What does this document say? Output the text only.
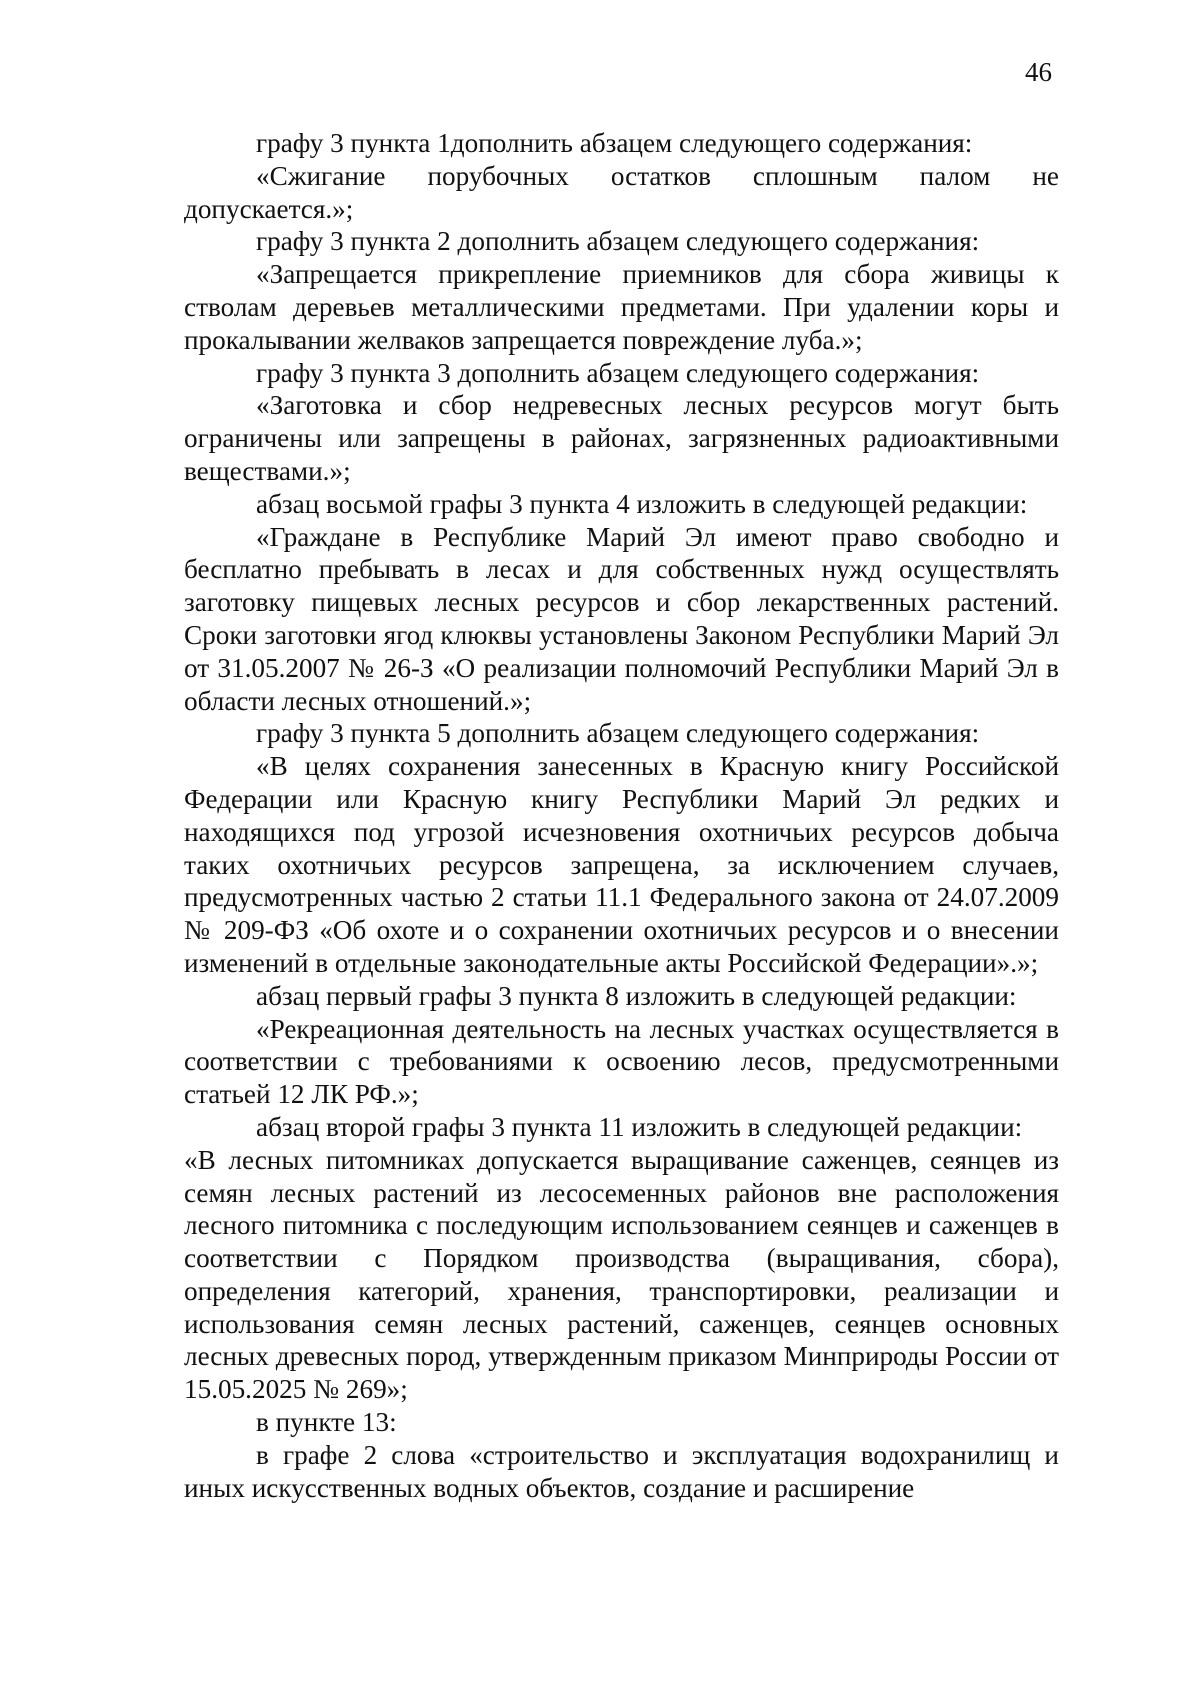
46

графу 3 пункта 1дополнить абзацем следующего содержания:

«Сжигание порубочных остатков сплошным палом не допускается.»;

графу 3 пункта 2 дополнить абзацем следующего содержания:

«Запрещается прикрепление приемников для сбора живицы к стволам деревьев металлическими предметами. При удалении коры и прокалывании желваков запрещается повреждение луба.»;

графу 3 пункта 3 дополнить абзацем следующего содержания:

«Заготовка и сбор недревесных лесных ресурсов могут быть ограничены или запрещены в районах, загрязненных радиоактивными веществами.»;

абзац восьмой графы 3 пункта 4 изложить в следующей редакции:

«Граждане в Республике Марий Эл имеют право свободно и бесплатно пребывать в лесах и для собственных нужд осуществлять заготовку пищевых лесных ресурсов и сбор лекарственных растений. Сроки заготовки ягод клюквы установлены Законом Республики Марий Эл от 31.05.2007 № 26-З «О реализации полномочий Республики Марий Эл в области лесных отношений.»;

графу 3 пункта 5 дополнить абзацем следующего содержания:

«В целях сохранения занесенных в Красную книгу Российской Федерации или Красную книгу Республики Марий Эл редких и находящихся под угрозой исчезновения охотничьих ресурсов добыча таких охотничьих ресурсов запрещена, за исключением случаев, предусмотренных частью 2 статьи 11.1 Федерального закона от 24.07.2009 № 209-ФЗ «Об охоте и о сохранении охотничьих ресурсов и о внесении изменений в отдельные законодательные акты Российской Федерации».»;

абзац первый графы 3 пункта 8 изложить в следующей редакции:

«Рекреационная деятельность на лесных участках осуществляется в соответствии с требованиями к освоению лесов, предусмотренными статьей 12 ЛК РФ.»;

абзац второй графы 3 пункта 11 изложить в следующей редакции:

«В лесных питомниках допускается выращивание саженцев, сеянцев из семян лесных растений из лесосеменных районов вне расположения лесного питомника с последующим использованием сеянцев и саженцев в соответствии с Порядком производства (выращивания, сбора), определения категорий, хранения, транспортировки, реализации и использования семян лесных растений, саженцев, сеянцев основных лесных древесных пород, утвержденным приказом Минприроды России от 15.05.2025 № 269»;

в пункте 13:

в графе 2 слова «строительство и эксплуатация водохранилищ и иных искусственных водных объектов, создание и расширение
